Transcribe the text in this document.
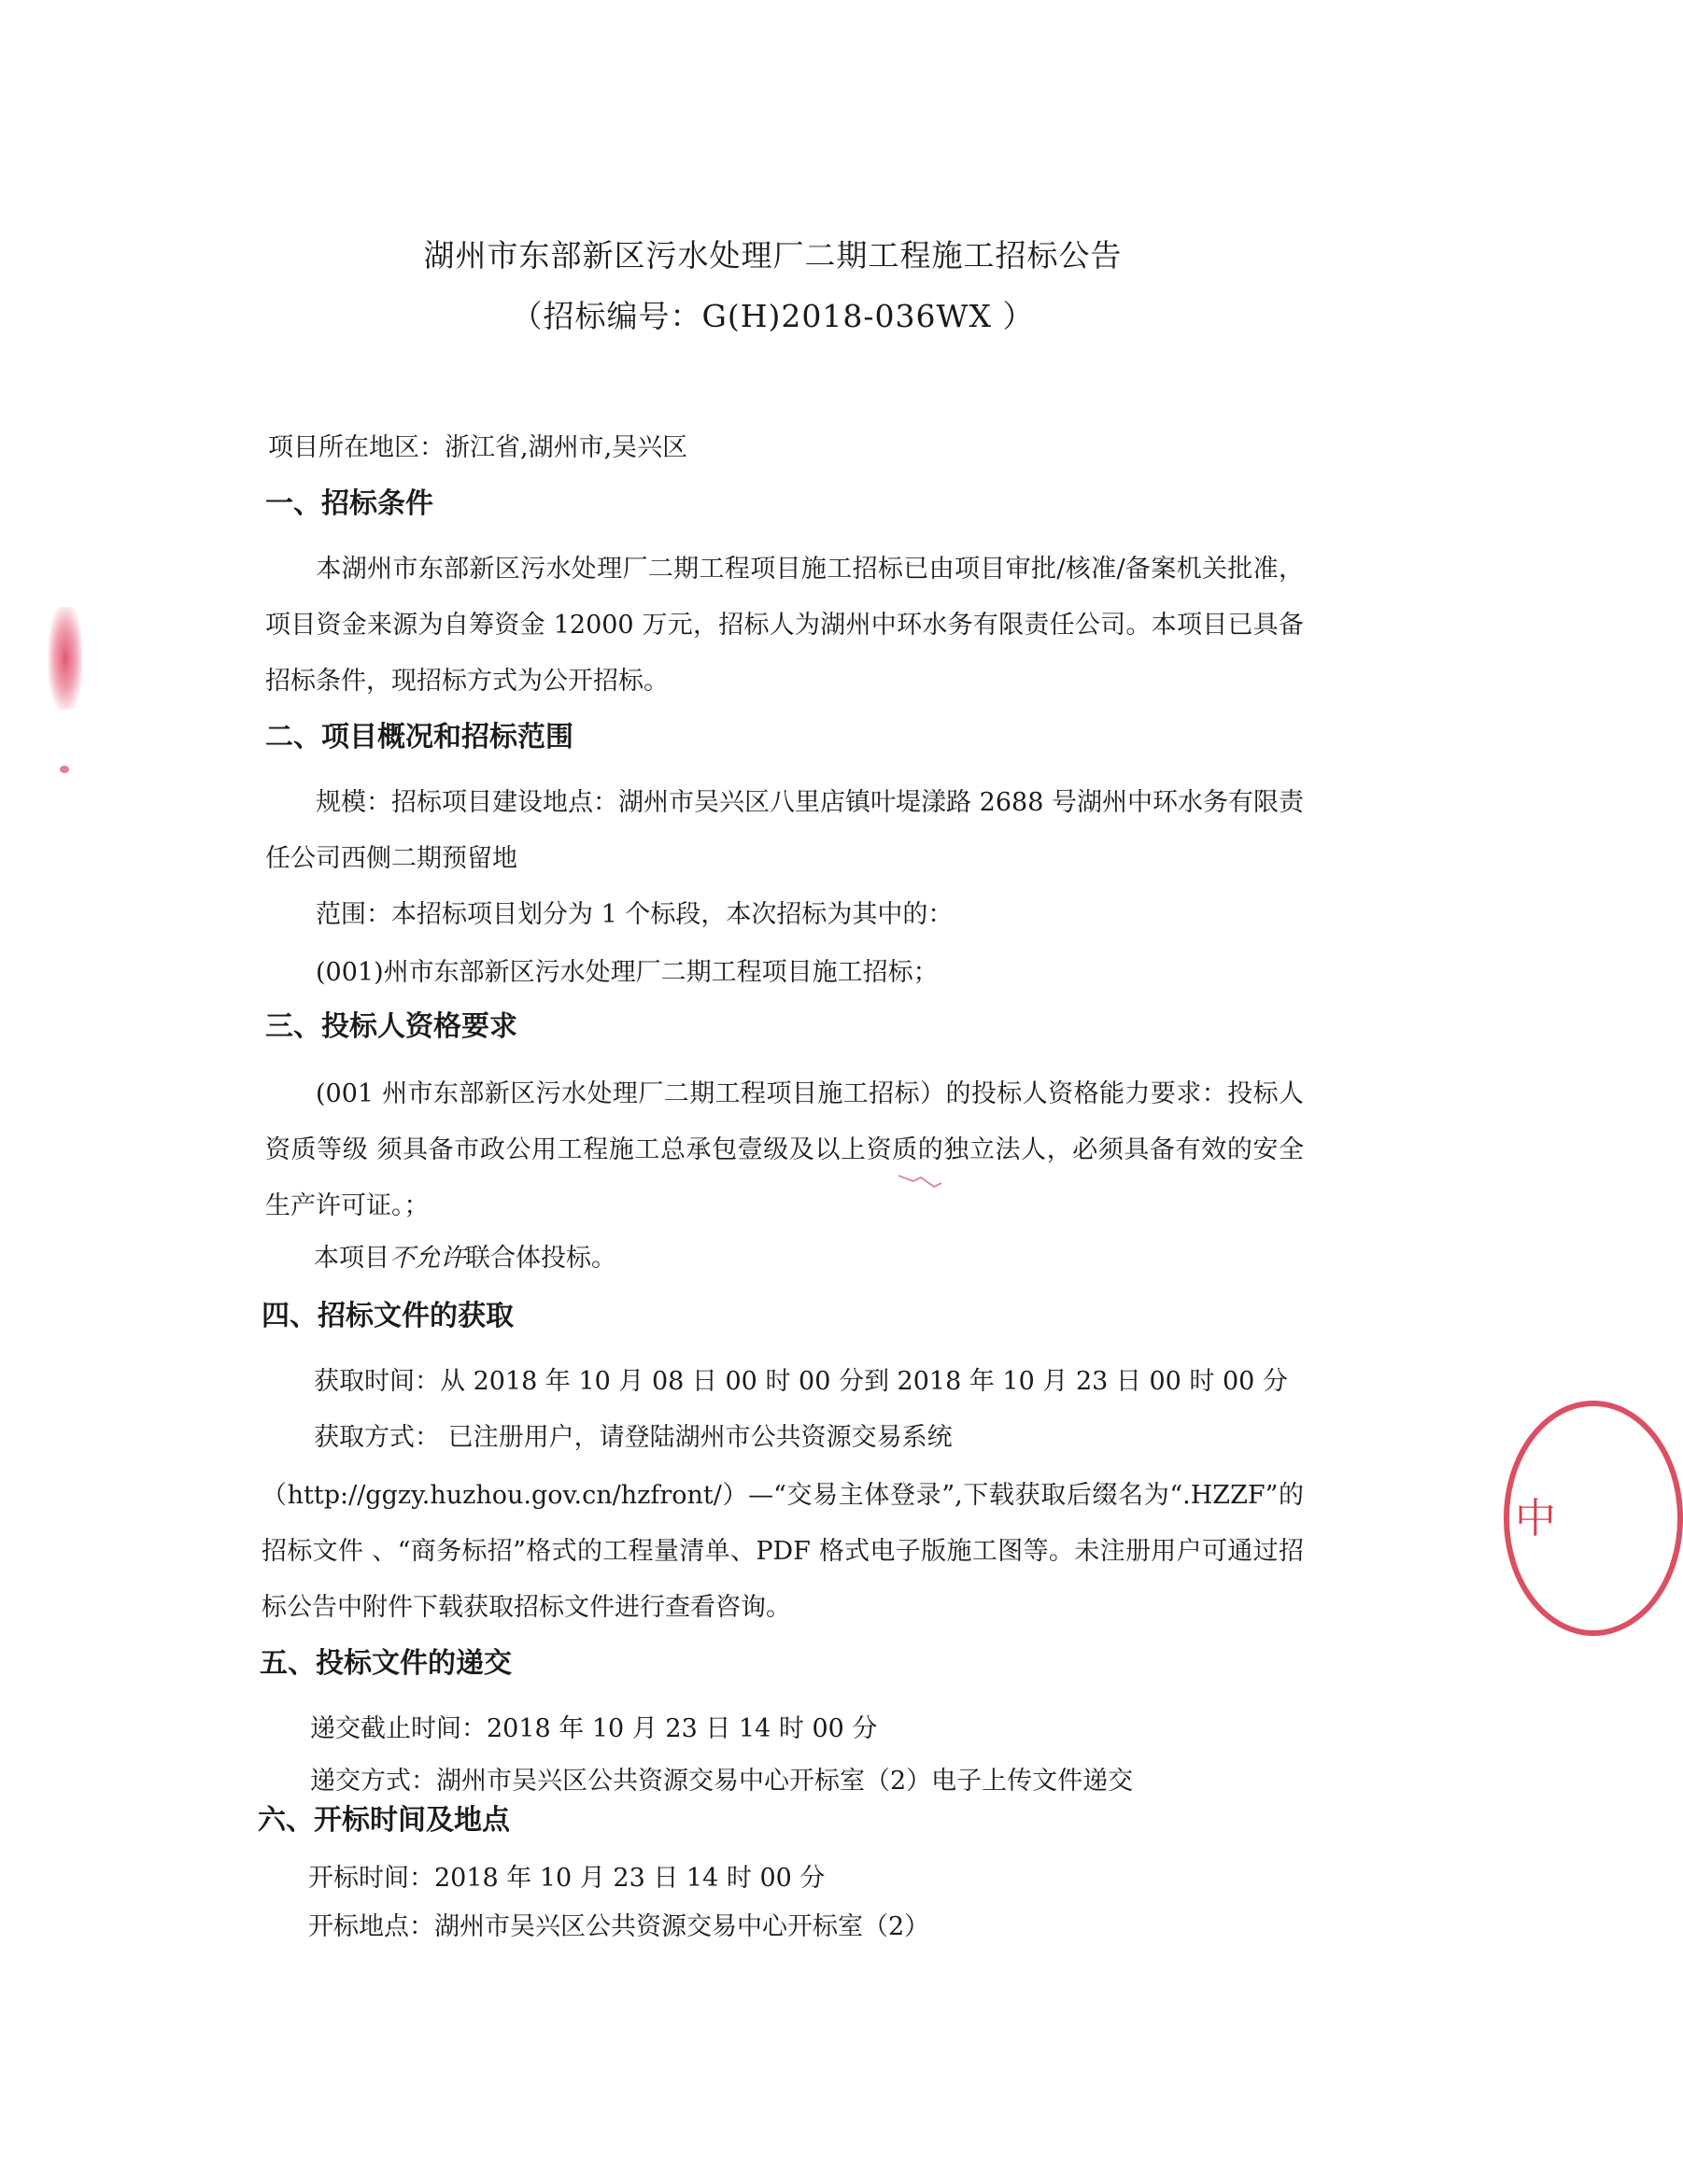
中
湖州市东部新区污水处理厂二期工程施工招标公告
（招标编号：G(H)2018-036WX ）
项目所在地区：浙江省,湖州市,吴兴区
一、招标条件
本湖州市东部新区污水处理厂二期工程项目施工招标已由项目审批/核准/备案机关批准，项目资金来源为自筹资金 12000 万元，招标人为湖州中环水务有限责任公司。本项目已具备招标条件，现招标方式为公开招标。
二、项目概况和招标范围
规模：招标项目建设地点：湖州市吴兴区八里店镇叶堤漾路 2688 号湖州中环水务有限责任公司西侧二期预留地
范围：本招标项目划分为 1 个标段，本次招标为其中的：
(001)州市东部新区污水处理厂二期工程项目施工招标；
三、投标人资格要求
(001 州市东部新区污水处理厂二期工程项目施工招标）的投标人资格能力要求：投标人资质等级 须具备市政公用工程施工总承包壹级及以上资质的独立法人，必须具备有效的安全生产许可证。；
本项目不允许联合体投标。
四、招标文件的获取
获取时间：从 2018 年 10 月 08 日 00 时 00 分到 2018 年 10 月 23 日 00 时 00 分
获取方式： 已注册用户，请登陆湖州市公共资源交易系统
（http://ggzy.huzhou.gov.cn/hzfront/）—“交易主体登录”,下载获取后缀名为“.HZZF”的招标文件 、“商务标招”格式的工程量清单、PDF 格式电子版施工图等。未注册用户可通过招标公告中附件下载获取招标文件进行查看咨询。
五、投标文件的递交
递交截止时间：2018 年 10 月 23 日 14 时 00 分
递交方式：湖州市吴兴区公共资源交易中心开标室（2）电子上传文件递交
六、开标时间及地点
开标时间：2018 年 10 月 23 日 14 时 00 分
开标地点：湖州市吴兴区公共资源交易中心开标室（2）
